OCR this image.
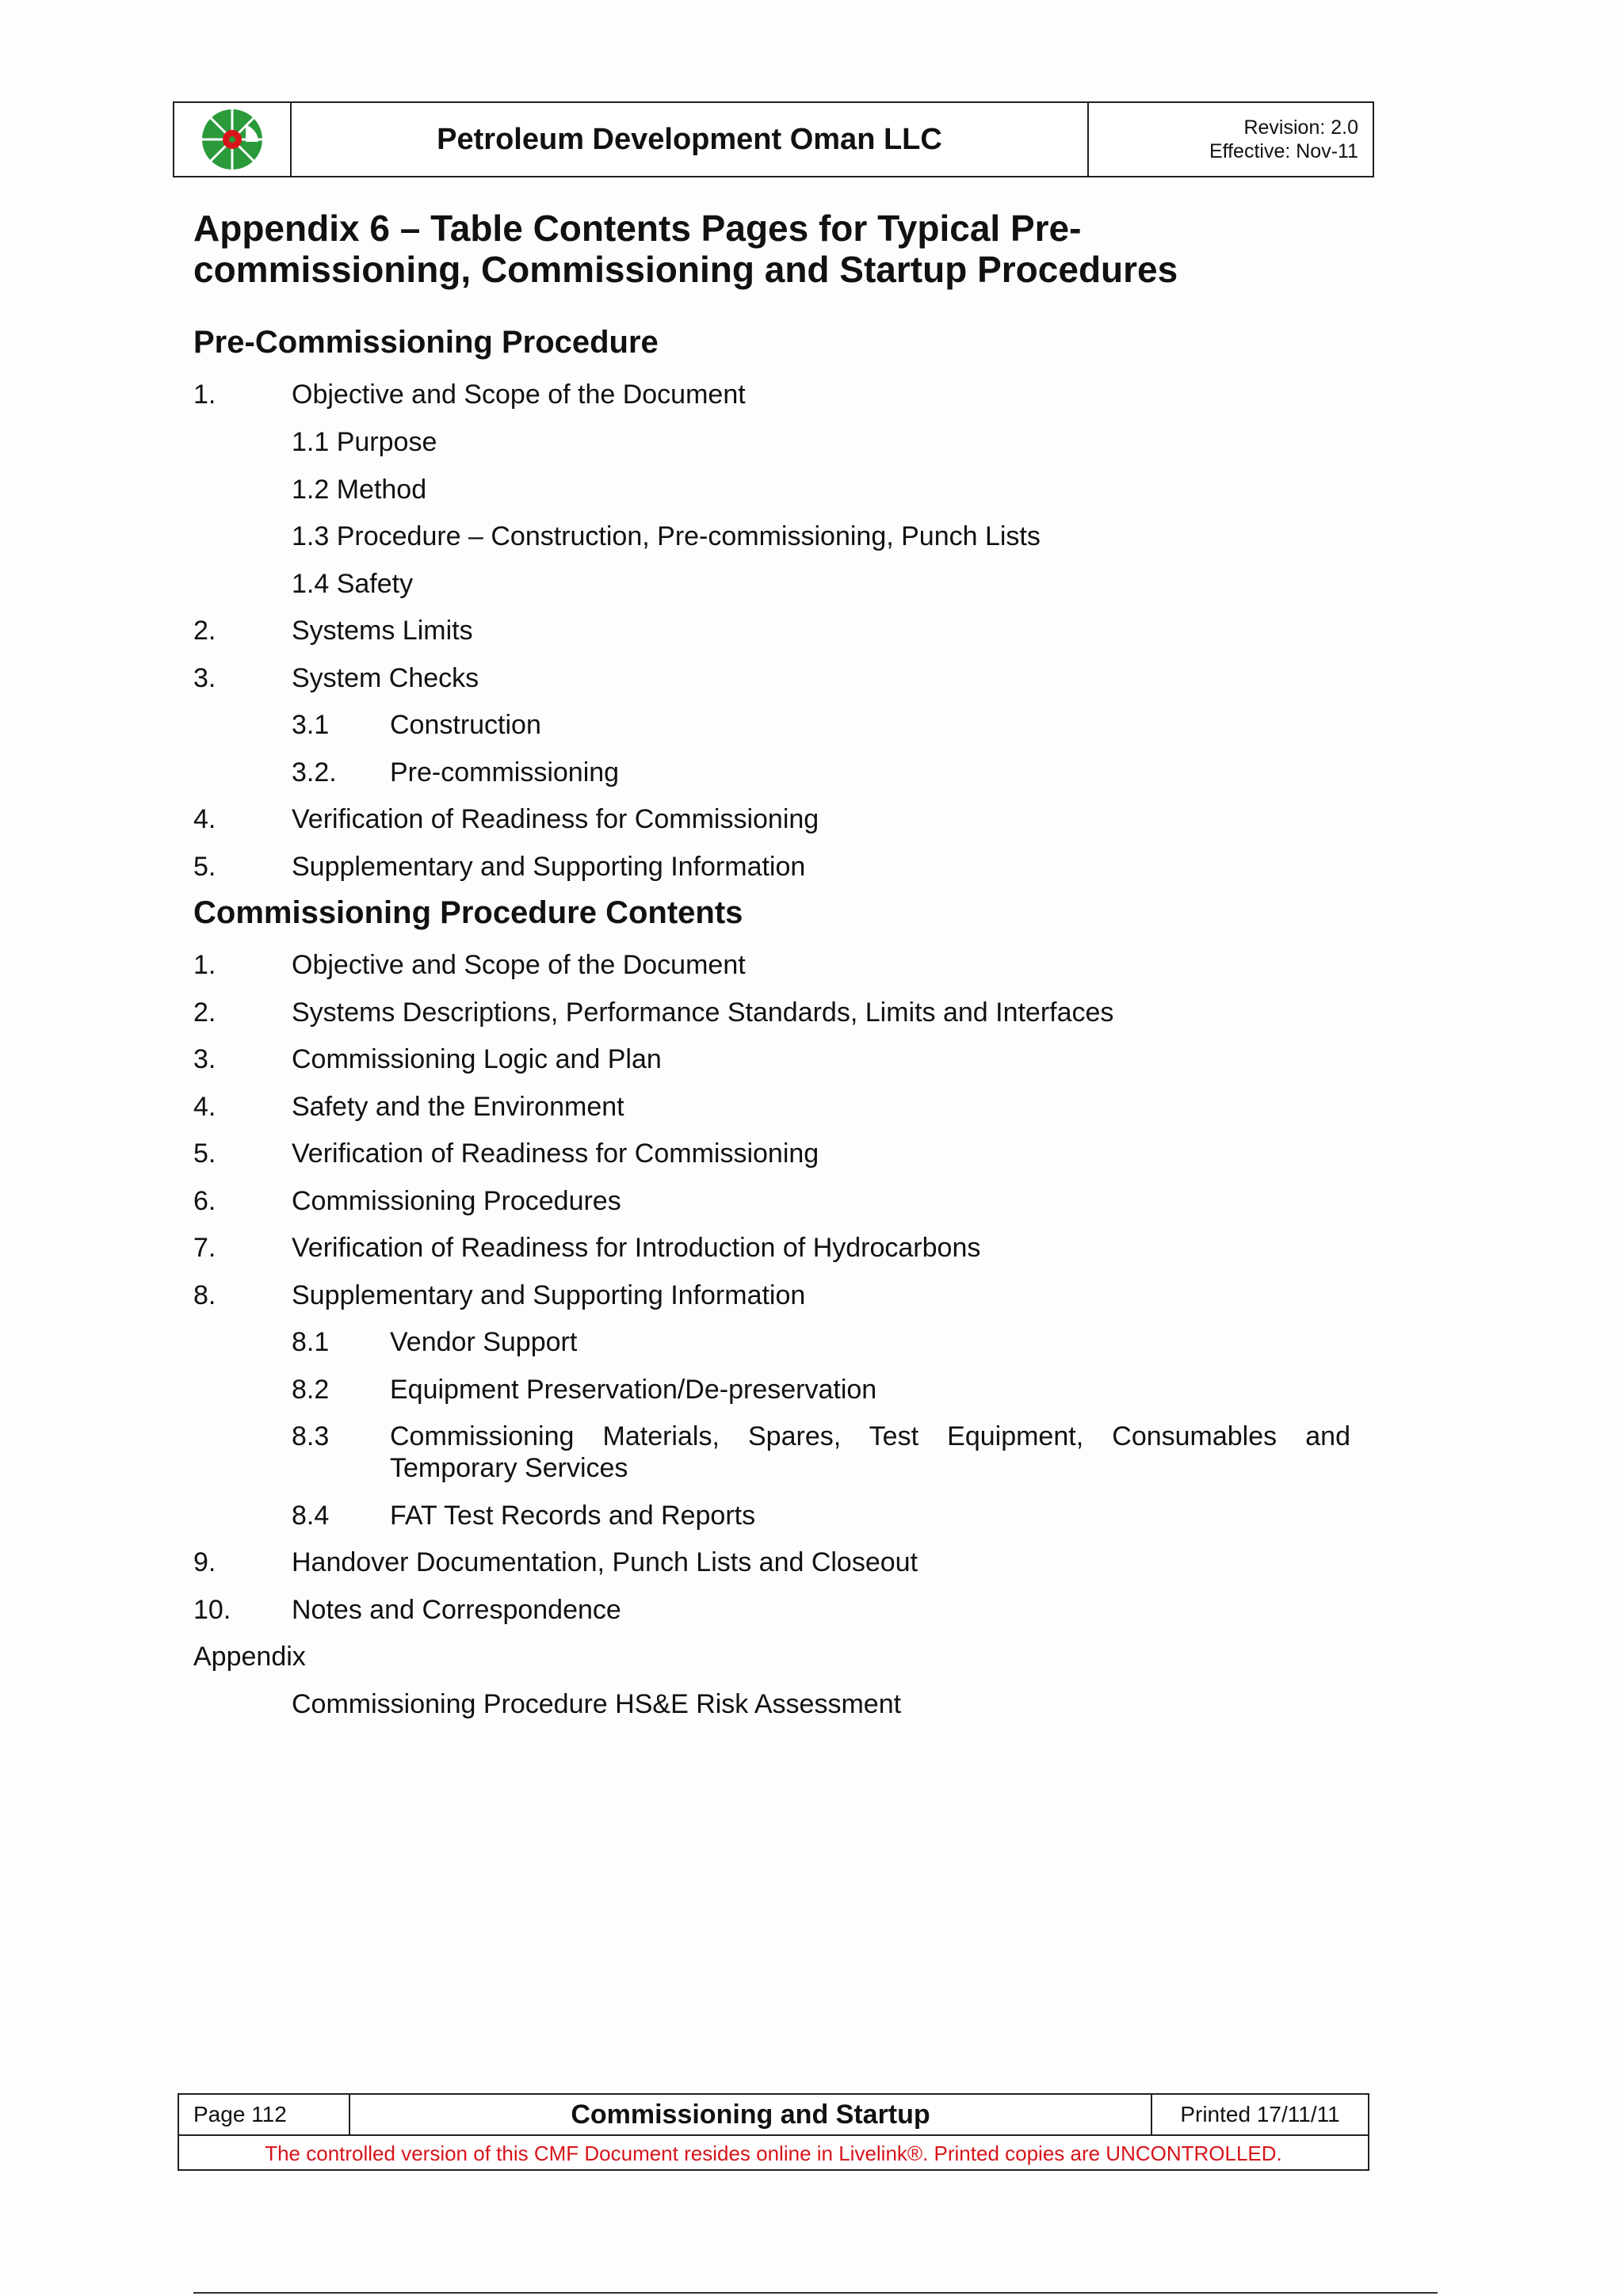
Petroleum Development Oman LLC	Revision: 2.0
Effective: Nov-11
Appendix 6 – Table Contents Pages for Typical Pre-
commissioning, Commissioning and Startup Procedures
Pre-Commissioning Procedure
1.	Objective and Scope of the Document
1.1 Purpose
1.2 Method
1.3 Procedure – Construction, Pre-commissioning, Punch Lists
1.4 Safety
2.	Systems Limits
3.	System Checks
3.1 Construction
3.2. Pre-commissioning
4.	Verification of Readiness for Commissioning
5.	Supplementary and Supporting Information
Commissioning Procedure Contents
1.	Objective and Scope of the Document
2.	Systems Descriptions, Performance Standards, Limits and Interfaces
3.	Commissioning Logic and Plan
4.	Safety and the Environment
5.	Verification of Readiness for Commissioning
6.	Commissioning Procedures
7.	Verification of Readiness for Introduction of Hydrocarbons
8.	Supplementary and Supporting Information
8.1 Vendor Support
8.2 Equipment Preservation/De-preservation
8.3 Commissioning Materials, Spares, Test Equipment, Consumables and Temporary Services
8.4 FAT Test Records and Reports
9.	Handover Documentation, Punch Lists and Closeout
10. Notes and Correspondence
Appendix
Commissioning Procedure HS&E Risk Assessment
Page 112	Commissioning and Startup	Printed 17/11/11
The controlled version of this CMF Document resides online in Livelink®. Printed copies are UNCONTROLLED.
